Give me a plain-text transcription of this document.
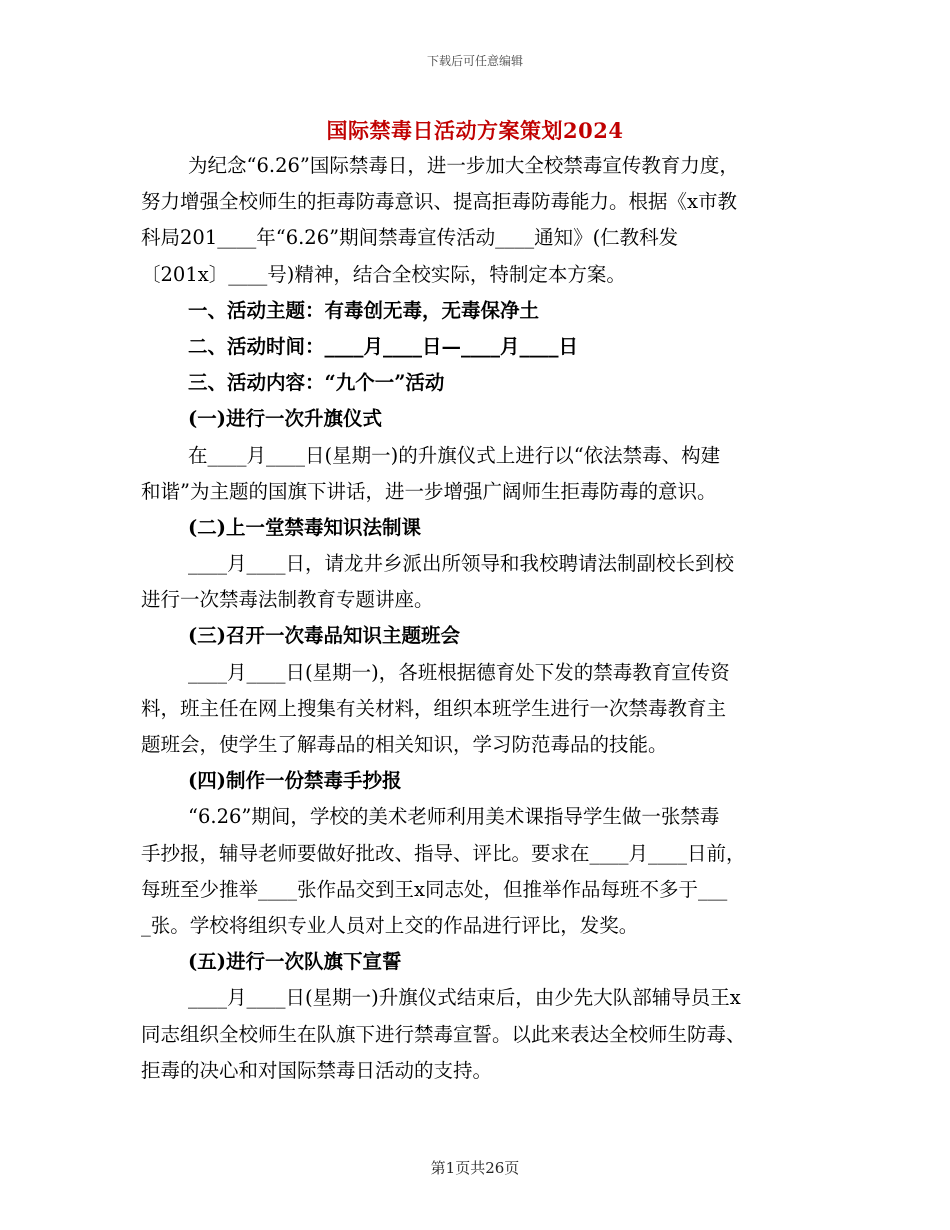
下载后可任意编辑
国际禁毒日活动方案策划2024
为纪念“6.26”国际禁毒日，进一步加大全校禁毒宣传教育力度，
努力增强全校师生的拒毒防毒意识、提高拒毒防毒能力。根据《x市教
科局201____年“6.26”期间禁毒宣传活动____通知》(仁教科发
〔201x〕____号)精神，结合全校实际，特制定本方案。
一、活动主题：有毒创无毒，无毒保净土
二、活动时间：____月____日—____月____日
三、活动内容：“九个一”活动
(一)进行一次升旗仪式
在____月____日(星期一)的升旗仪式上进行以“依法禁毒、构建
和谐”为主题的国旗下讲话，进一步增强广阔师生拒毒防毒的意识。
(二)上一堂禁毒知识法制课
____月____日，请龙井乡派出所领导和我校聘请法制副校长到校
进行一次禁毒法制教育专题讲座。
(三)召开一次毒品知识主题班会
____月____日(星期一)，各班根据德育处下发的禁毒教育宣传资
料，班主任在网上搜集有关材料，组织本班学生进行一次禁毒教育主
题班会，使学生了解毒品的相关知识，学习防范毒品的技能。
(四)制作一份禁毒手抄报
“6.26”期间，学校的美术老师利用美术课指导学生做一张禁毒
手抄报，辅导老师要做好批改、指导、评比。要求在____月____日前，
每班至少推举____张作品交到王x同志处，但推举作品每班不多于___
_张。学校将组织专业人员对上交的作品进行评比，发奖。
(五)进行一次队旗下宣誓
____月____日(星期一)升旗仪式结束后，由少先大队部辅导员王x
同志组织全校师生在队旗下进行禁毒宣誓。以此来表达全校师生防毒、
拒毒的决心和对国际禁毒日活动的支持。
第1页共26页
